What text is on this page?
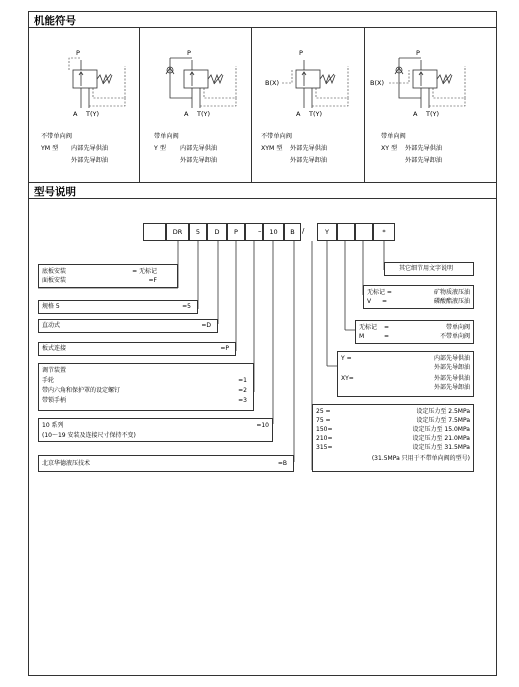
机能符号
P
A T(Y)
不带单向阀
YM 型 内部先导供油
外部先导卸油
P
A T(Y)
带单向阀
Y 型 内部先导供油
外部先导卸油
P
B(X)
A T(Y)
不带单向阀
XYM 型 外部先导供油
外部先导卸油
P
B(X)
A T(Y)
带单向阀
XY 型 外部先导供油
外部先导卸油
型号说明
DR	5	D	P	–	10	B	/	Y	*
底板安装	= 无标记
面板安装	=F
规格 5	=5
直动式	=D
板式连接	=P
调节装置
手轮	=1
带内六角和保护罩的设定螺钉	=2
带锁手柄	=3
10 系列	=10
(10～19 安装及连接尺寸保持不变)
北京华德液压技术	=B
其它细节用文字说明
无标记 =	矿物质液压油
V =	磷酸酯液压油
无标记 =	带单向阀
M	=	不带单向阀
Y =	内部先导供油
外部先导卸油
XY=	外部先导供油
外部先导卸油
25 =	设定压力至 2.5MPa
75 =	设定压力至 7.5MPa
150=	设定压力至 15.0MPa
210=	设定压力至 21.0MPa
315=	设定压力至 31.5MPa
(31.5MPa 只用于不带单向阀的型号)
